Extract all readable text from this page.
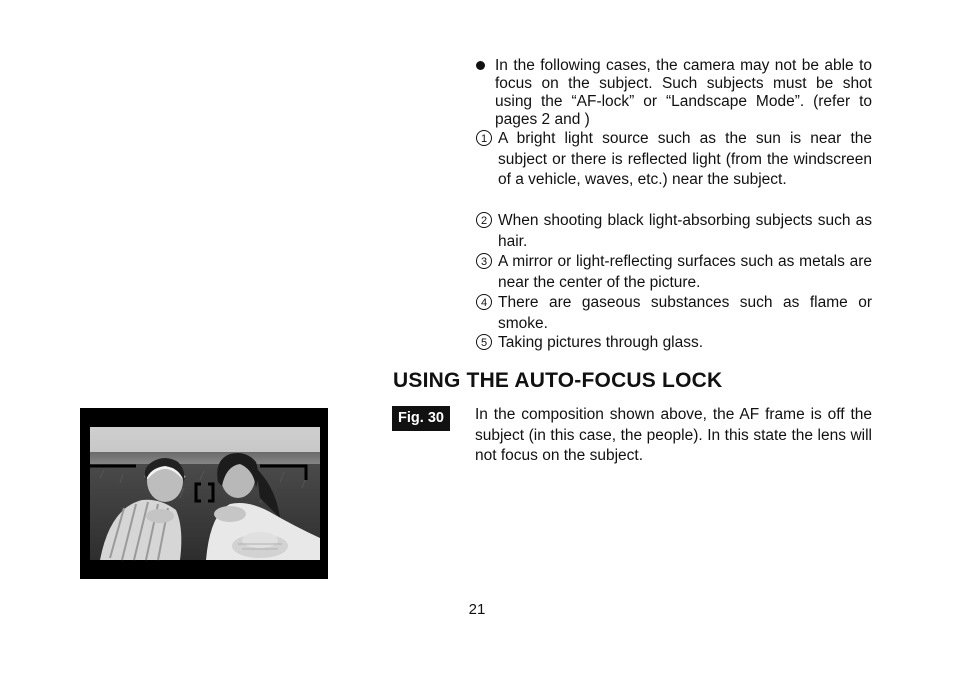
In the following cases, the camera may not be able to focus on the subject. Such subjects must be shot using the “AF-lock” or “Landscape Mode”. (refer to pages 2 and )
1 A bright light source such as the sun is near the subject or there is reflected light (from the windscreen of a vehicle, waves, etc.) near the subject.
2 When shooting black light-absorbing subjects such as hair.
3 A mirror or light-reflecting surfaces such as metals are near the center of the picture.
4 There are gaseous substances such as flame or smoke.
5 Taking pictures through glass.
USING THE AUTO-FOCUS LOCK
Fig. 30	In the composition shown above, the AF frame is off the subject (in this case, the people). In this state the lens will not focus on the subject.
21
